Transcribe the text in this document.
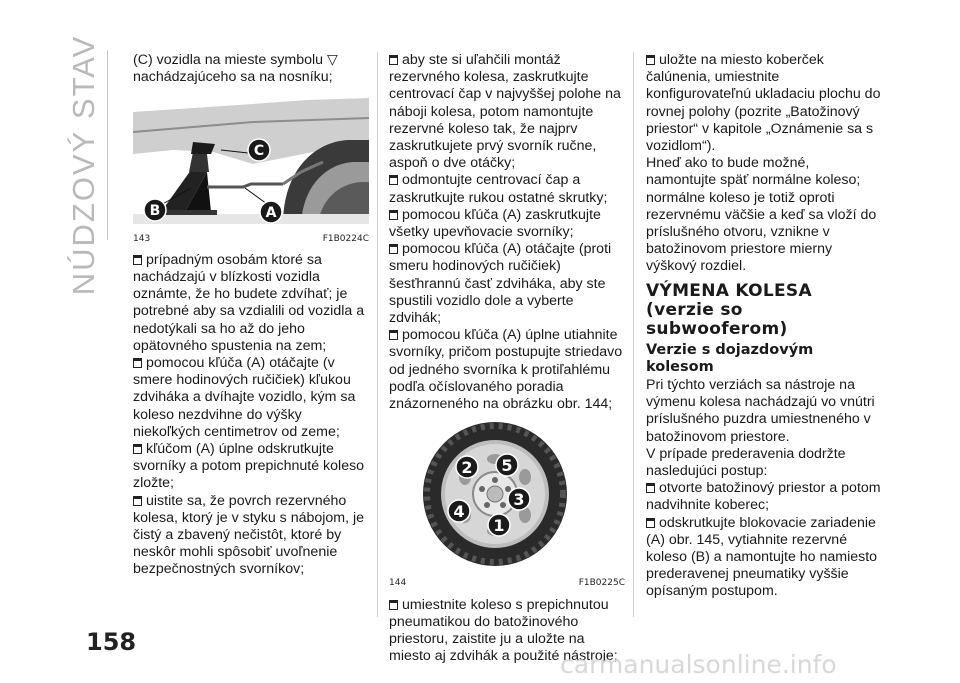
NÚDZOVÝ STAV
158

(C) vozidla na mieste symbolu ▽ nachádzajúceho sa na nosníku;

B	A
C
143	F1B0224C
prípadným osobám ktoré sa nachádzajú v blízkosti vozidla oznámte, že ho budete zdvíhať; je potrebné aby sa vzdialili od vozidla a nedotýkali sa ho až do jeho opätovného spustenia na zem;
pomocou kľúča (A) otáčajte (v smere hodinových ručičiek) kľukou zdviháka a dvíhajte vozidlo, kým sa koleso nezdvihne do výšky niekoľkých centimetrov od zeme;
kľúčom (A) úplne odskrutkujte svorníky a potom prepichnuté koleso zložte;
uistite sa, že povrch rezervného kolesa, ktorý je v styku s nábojom, je čistý a zbavený nečistôt, ktoré by neskôr mohli spôsobiť uvoľnenie bezpečnostných svorníkov;
aby ste si uľahčili montáž rezervného kolesa, zaskrutkujte centrovací čap v najvyššej polohe na náboji kolesa, potom namontujte rezervné koleso tak, že najprv zaskrutkujete prvý svorník ručne, aspoň o dve otáčky;
odmontujte centrovací čap a zaskrutkujte rukou ostatné skrutky;
pomocou kľúča (A) zaskrutkujte všetky upevňovacie svorníky;
pomocou kľúča (A) otáčajte (proti smeru hodinových ručičiek) šesťhrannú časť zdviháka, aby ste spustili vozidlo dole a vyberte zdvihák;
pomocou kľúča (A) úplne utiahnite svorníky, pričom postupujte striedavo od jedného svorníka k protiľahlému podľa očíslovaného poradia znázorneného na obrázku obr. 144;
2 5
3
1
4
144	F1B0225C
umiestnite koleso s prepichnutou pneumatikou do batožinového priestoru, zaistite ju a uložte na miesto aj zdvihák a použité nástroje;
uložte na miesto koberček čalúnenia, umiestnite konfigurovateľnú ukladaciu plochu do rovnej polohy (pozrite „Batožinový priestor“ v kapitole „Oznámenie sa s vozidlom“).

Hneď ako to bude možné, namontujte späť normálne koleso; normálne koleso je totiž oproti rezervnému väčšie a keď sa vloží do príslušného otvoru, vznikne v batožinovom priestore mierny výškový rozdiel.

VÝMENA KOLESA (verzie so subwooferom)
Verzie s dojazdovým kolesom

Pri týchto verziách sa nástroje na výmenu kolesa nachádzajú vo vnútri príslušného puzdra umiestneného v batožinovom priestore.

V prípade prederavenia dodržte nasledujúci postup:

otvorte batožinový priestor a potom nadvihnite koberec;
odskrutkujte blokovacie zariadenie (A) obr. 145, vytiahnite rezervné koleso (B) a namontujte ho namiesto prederavenej pneumatiky vyššie opísaným postupom.
carmanualsonline.info
